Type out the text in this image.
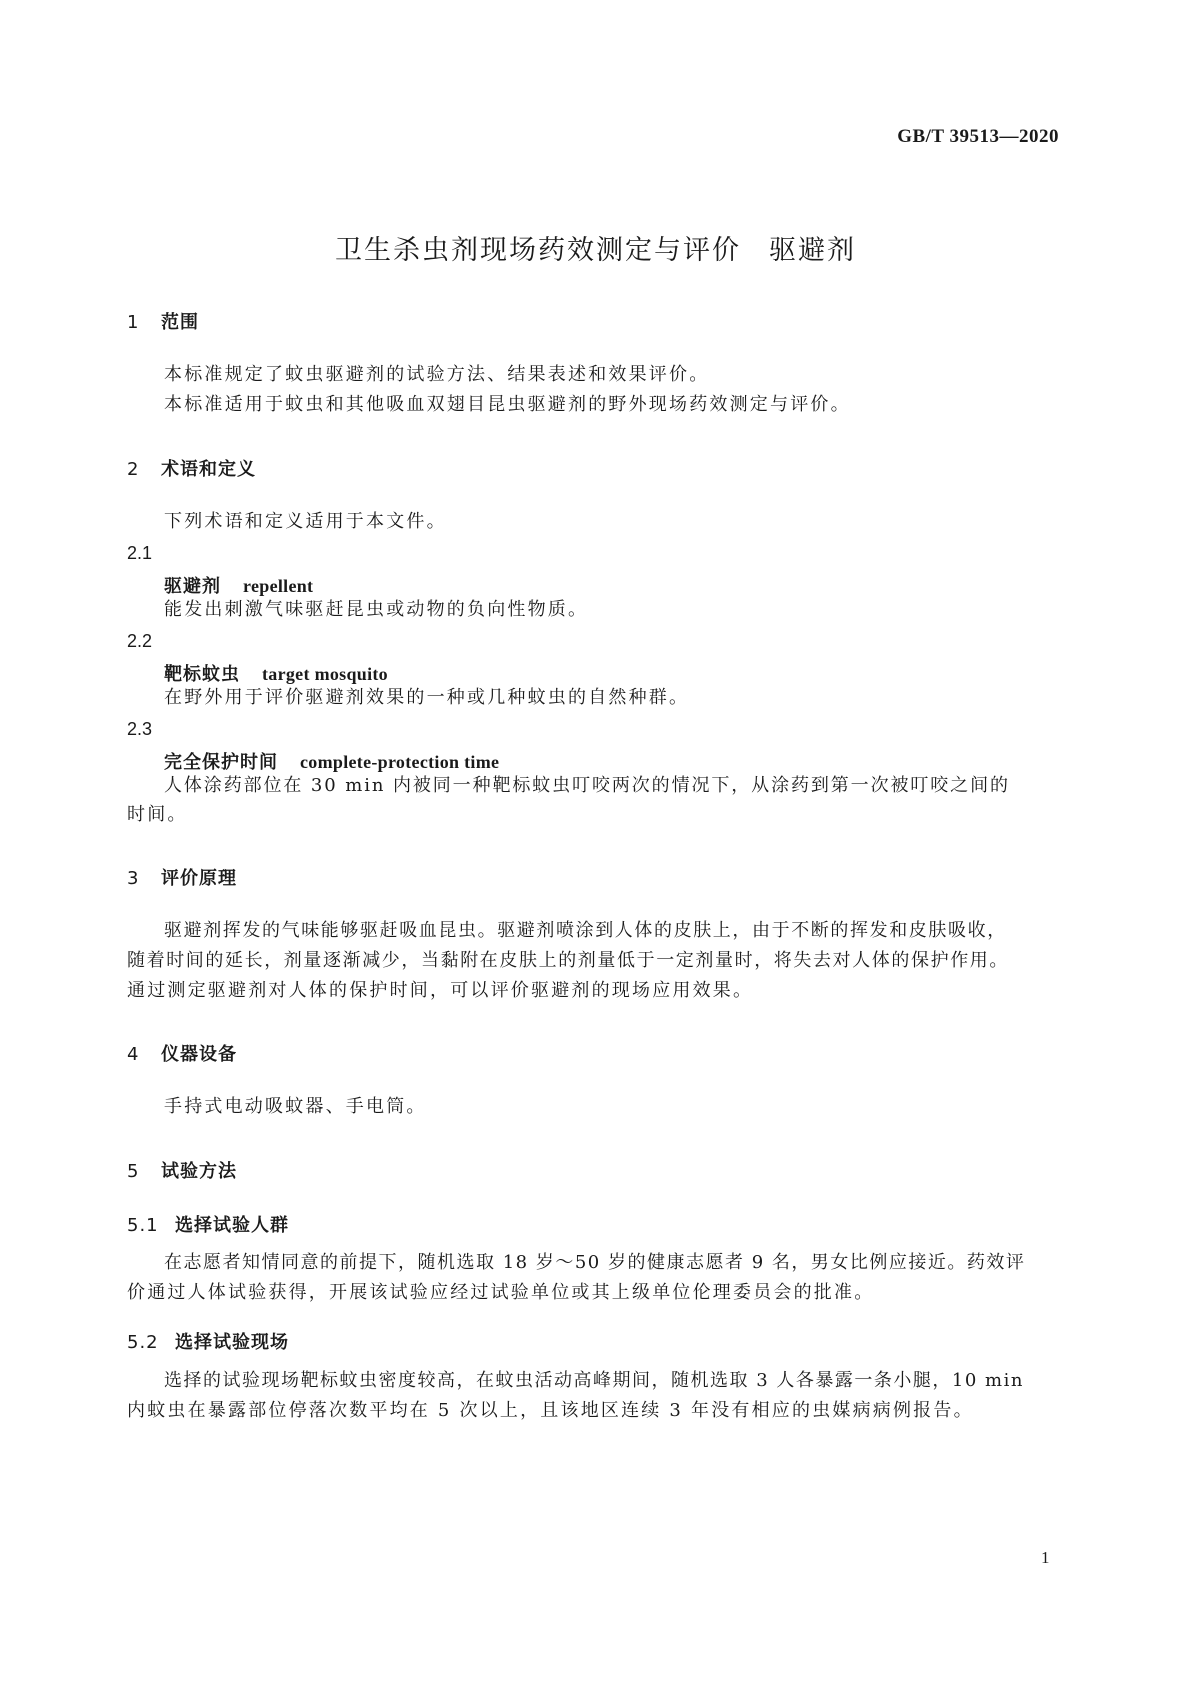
GB/T 39513—2020
卫生杀虫剂现场药效测定与评价 驱避剂
1 范围
本标准规定了蚊虫驱避剂的试验方法、结果表述和效果评价。
本标准适用于蚊虫和其他吸血双翅目昆虫驱避剂的野外现场药效测定与评价。
2 术语和定义
下列术语和定义适用于本文件。
2.1
驱避剂 repellent
能发出刺激气味驱赶昆虫或动物的负向性物质。
2.2
靶标蚊虫 target mosquito
在野外用于评价驱避剂效果的一种或几种蚊虫的自然种群。
2.3
完全保护时间 complete-protection time
人体涂药部位在 30 min 内被同一种靶标蚊虫叮咬两次的情况下，从涂药到第一次被叮咬之间的
时间。
3 评价原理
驱避剂挥发的气味能够驱赶吸血昆虫。驱避剂喷涂到人体的皮肤上，由于不断的挥发和皮肤吸收，
随着时间的延长，剂量逐渐减少，当黏附在皮肤上的剂量低于一定剂量时，将失去对人体的保护作用。
通过测定驱避剂对人体的保护时间，可以评价驱避剂的现场应用效果。
4 仪器设备
手持式电动吸蚊器、手电筒。
5 试验方法
5.1 选择试验人群
在志愿者知情同意的前提下，随机选取 18 岁～50 岁的健康志愿者 9 名，男女比例应接近。药效评
价通过人体试验获得，开展该试验应经过试验单位或其上级单位伦理委员会的批准。
5.2 选择试验现场
选择的试验现场靶标蚊虫密度较高，在蚊虫活动高峰期间，随机选取 3 人各暴露一条小腿，10 min
内蚊虫在暴露部位停落次数平均在 5 次以上，且该地区连续 3 年没有相应的虫媒病病例报告。
1
